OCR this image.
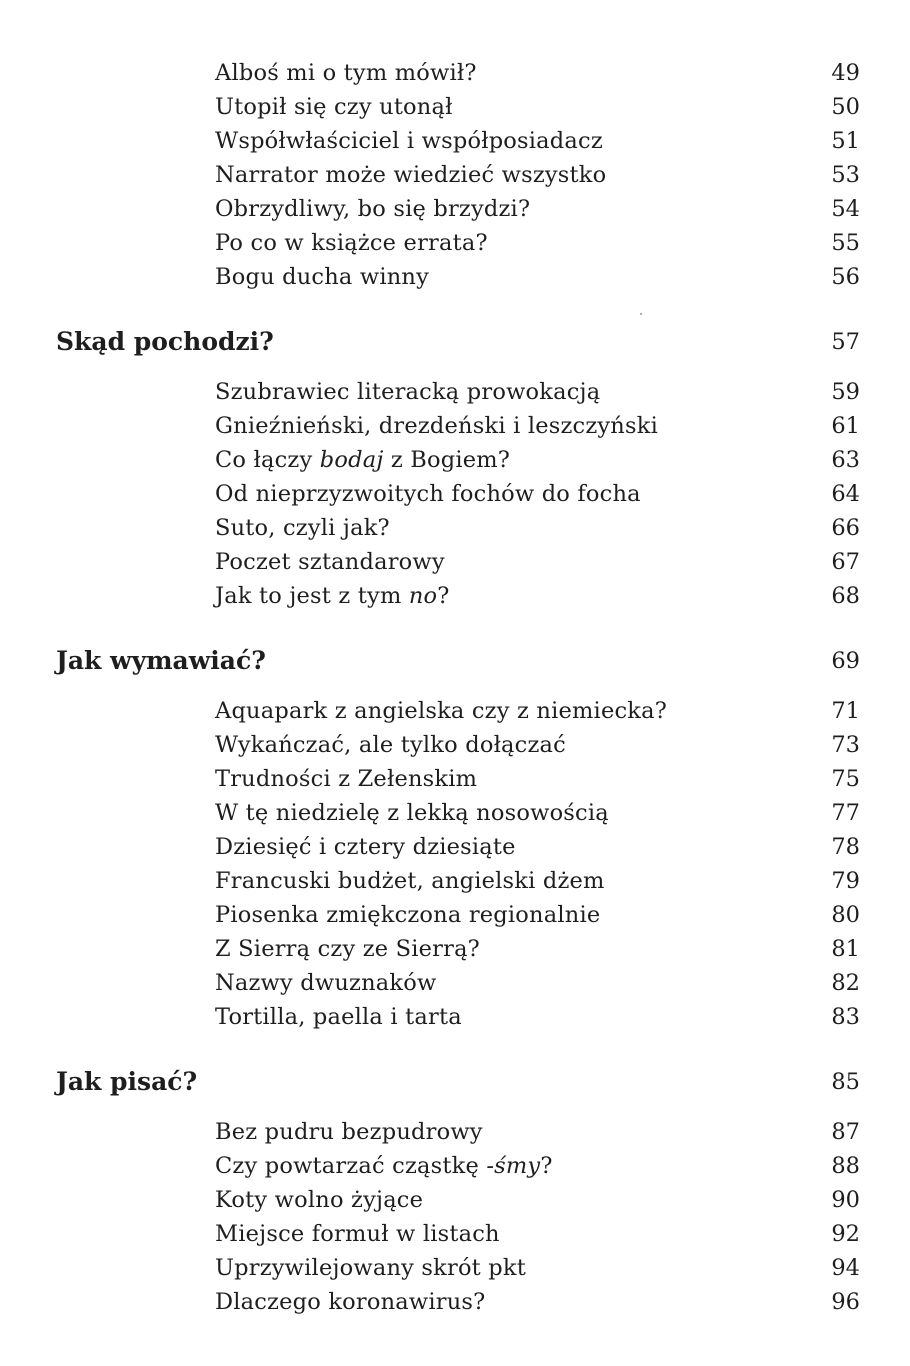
Alboś mi o tym mówił?	49
Utopił się czy utonął	50
Współwłaściciel i współposiadacz	51
Narrator może wiedzieć wszystko	53
Obrzydliwy, bo się brzydzi?	54
Po co w książce errata?	55
Bogu ducha winny	56
Skąd pochodzi?	57
Szubrawiec literacką prowokacją	59
Gnieźnieński, drezdeński i leszczyński	61
Co łączy bodaj z Bogiem?	63
Od nieprzyzwoitych fochów do focha	64
Suto, czyli jak?	66
Poczet sztandarowy	67
Jak to jest z tym no?	68
Jak wymawiać?	69
Aquapark z angielska czy z niemiecka?	71
Wykańczać, ale tylko dołączać	73
Trudności z Zełenskim	75
W tę niedzielę z lekką nosowością	77
Dziesięć i cztery dziesiąte	78
Francuski budżet, angielski dżem	79
Piosenka zmiękczona regionalnie	80
Z Sierrą czy ze Sierrą?	81
Nazwy dwuznaków	82
Tortilla, paella i tarta	83
Jak pisać?	85
Bez pudru bezpudrowy	87
Czy powtarzać cząstkę -śmy?	88
Koty wolno żyjące	90
Miejsce formuł w listach	92
Uprzywilejowany skrót pkt	94
Dlaczego koronawirus?	96
